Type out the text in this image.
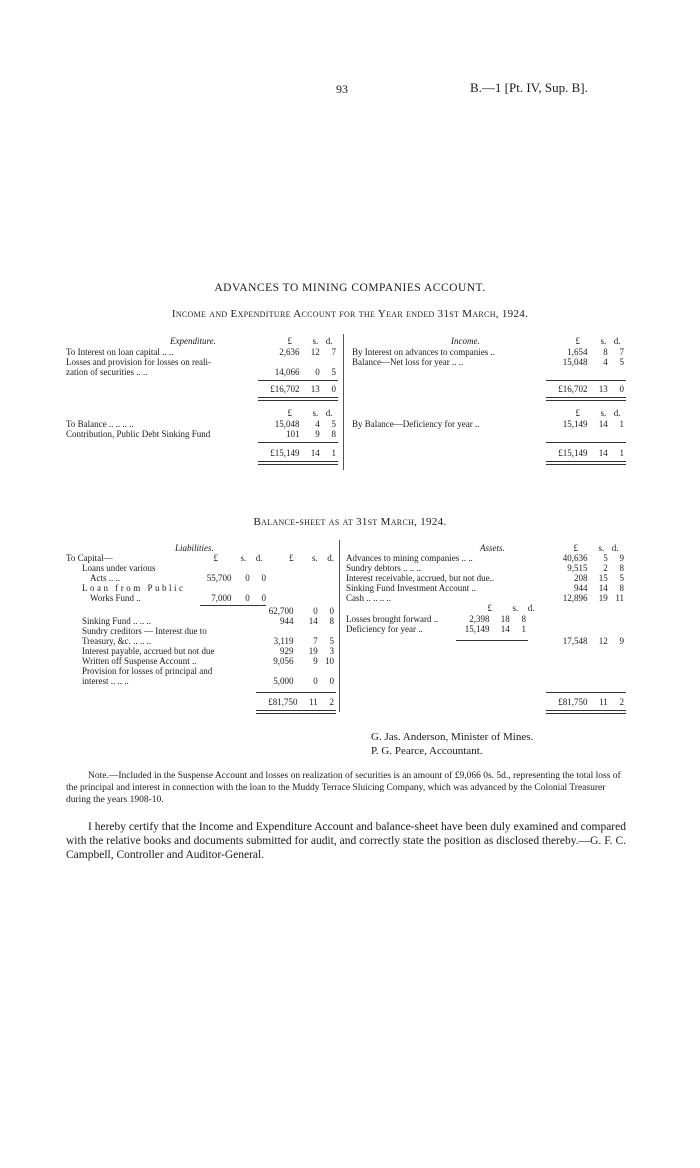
93	B.—1 [Pt. IV, Sup. B].
ADVANCES TO MINING COMPANIES ACCOUNT.
Income and Expenditure Account for the Year ended 31st March, 1924.
Expenditure.	£ s. d.
To Interest on loan capital .. ..	2,636 12 7
Losses and provision for losses on reali-
zation of securities .. ..	14,066 0 5
£16,702 13 0
£ s. d.
To Balance .. .. .. ..	15,048 4 5
Contribution, Public Debt Sinking Fund	101 9 8
£15,149 14 1
Income.	£ s. d.
By Interest on advances to companies ..	1,654 8 7
Balance—Net loss for year .. ..	15,048 4 5
£16,702 13 0
£ s. d.
By Balance—Deficiency for year ..	15,149 14 1
£15,149 14 1
Balance-sheet as at 31st March, 1924.
Liabilities.
To Capital—	£ s. d.	£ s. d.
Loans under various
Acts .. ..	55,700 0 0
Loan from Public
Works Fund ..	7,000 0 0
62,700 0 0
Sinking Fund .. .. ..	944 14 8
Sundry creditors — Interest due to
Treasury, &c. .. .. ..	3,119 7 5
Interest payable, accrued but not due	929 19 3
Written off Suspense Account ..	9,056 9 10
Provision for losses of principal and
interest .. .. ..	5,000 0 0
£81,750 11 2
Assets.	£ s. d.
Advances to mining companies .. ..	40,636 5 9
Sundry debtors .. .. ..	9,515 2 8
Interest receivable, accrued, but not due..	208 15 5
Sinking Fund Investment Account ..	944 14 8
Cash .. .. .. ..	12,896 19 11
£ s. d.
Losses brought forward ..	2,398 18 8
Deficiency for year ..	15,149 14 1
17,548 12 9
£81,750 11 2
G. Jas. Anderson, Minister of Mines.
P. G. Pearce, Accountant.
Note.—Included in the Suspense Account and losses on realization of securities is an amount of £9,066 0s. 5d., representing the total loss of the principal and interest in connection with the loan to the Muddy Terrace Sluicing Company, which was advanced by the Colonial Treasurer during the years 1908-10.
I hereby certify that the Income and Expenditure Account and balance-sheet have been duly examined and compared with the relative books and documents submitted for audit, and correctly state the position as disclosed thereby.—G. F. C. Campbell, Controller and Auditor-General.
